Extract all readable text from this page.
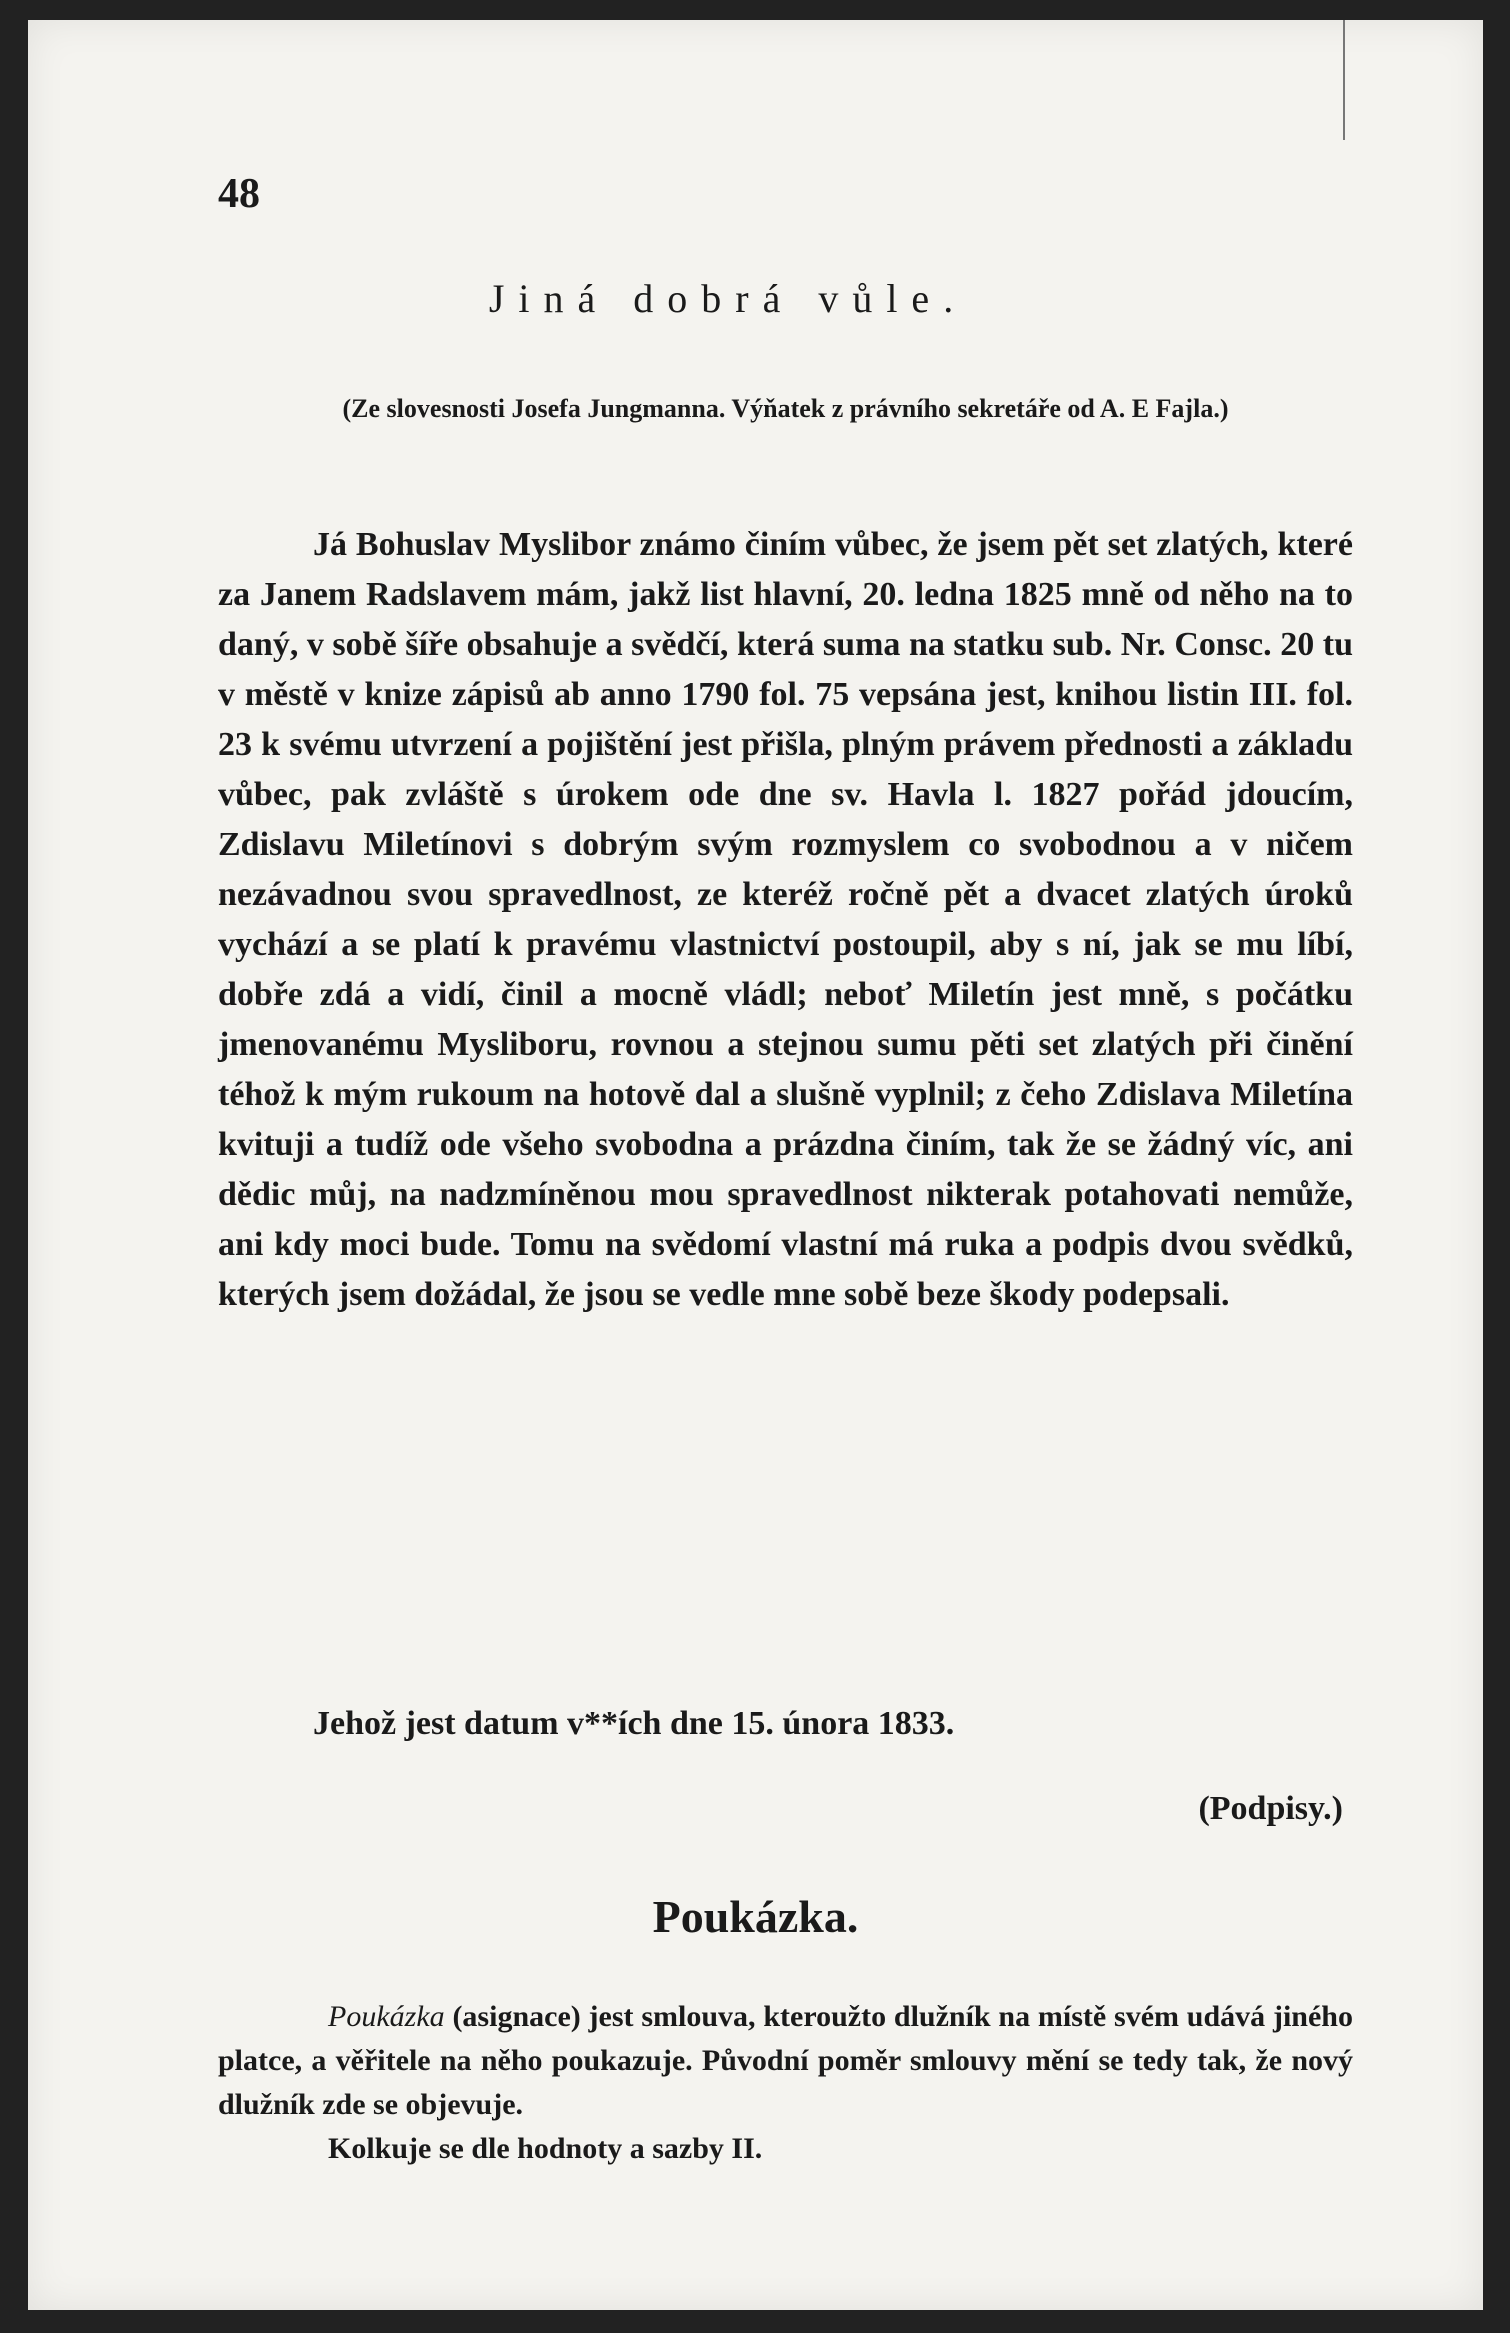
48
Jiná dobrá vůle.
(Ze slovesnosti Josefa Jungmanna. Výňatek z právního sekretáře od A. E Fajla.)

Já Bohuslav Myslibor známo činím vůbec, že jsem pět set zlatých, které za Janem Radslavem mám, jakž list hlavní, 20. ledna 1825 mně od něho na to daný, v sobě šíře obsahuje a svědčí, která suma na statku sub. Nr. Consc. 20 tu v městě v knize zápisů ab anno 1790 fol. 75 vepsána jest, knihou listin III. fol. 23 k svému utvrzení a pojištění jest přišla, plným právem přednosti a základu vůbec, pak zvláště s úrokem ode dne sv. Havla l. 1827 pořád jdoucím, Zdislavu Miletínovi s dobrým svým rozmyslem co svobodnou a v ničem nezávadnou svou spravedlnost, ze kteréž ročně pět a dvacet zlatých úroků vychází a se platí k pravému vlastnictví postoupil, aby s ní, jak se mu líbí, dobře zdá a vidí, činil a mocně vládl; neboť Miletín jest mně, s počátku jmenovanému Mysliboru, rovnou a stejnou sumu pěti set zlatých při činění téhož k mým rukoum na hotově dal a slušně vyplnil; z čeho Zdislava Miletína kvituji a tudíž ode všeho svobodna a prázdna činím, tak že se žádný víc, ani dědic můj, na nadzmíněnou mou spravedlnost nikterak potahovati nemůže, ani kdy moci bude. Tomu na svědomí vlastní má ruka a podpis dvou svědků, kterých jsem dožádal, že jsou se vedle mne sobě beze škody podepsali.

Jehož jest datum v**ích dne 15. února 1833.
(Podpisy.)
Poukázka.

Poukázka (asignace) jest smlouva, kteroužto dlužník na místě svém udává jiného platce, a věřitele na něho poukazuje. Původní poměr smlouvy mění se tedy tak, že nový dlužník zde se objevuje.

Kolkuje se dle hodnoty a sazby II.
